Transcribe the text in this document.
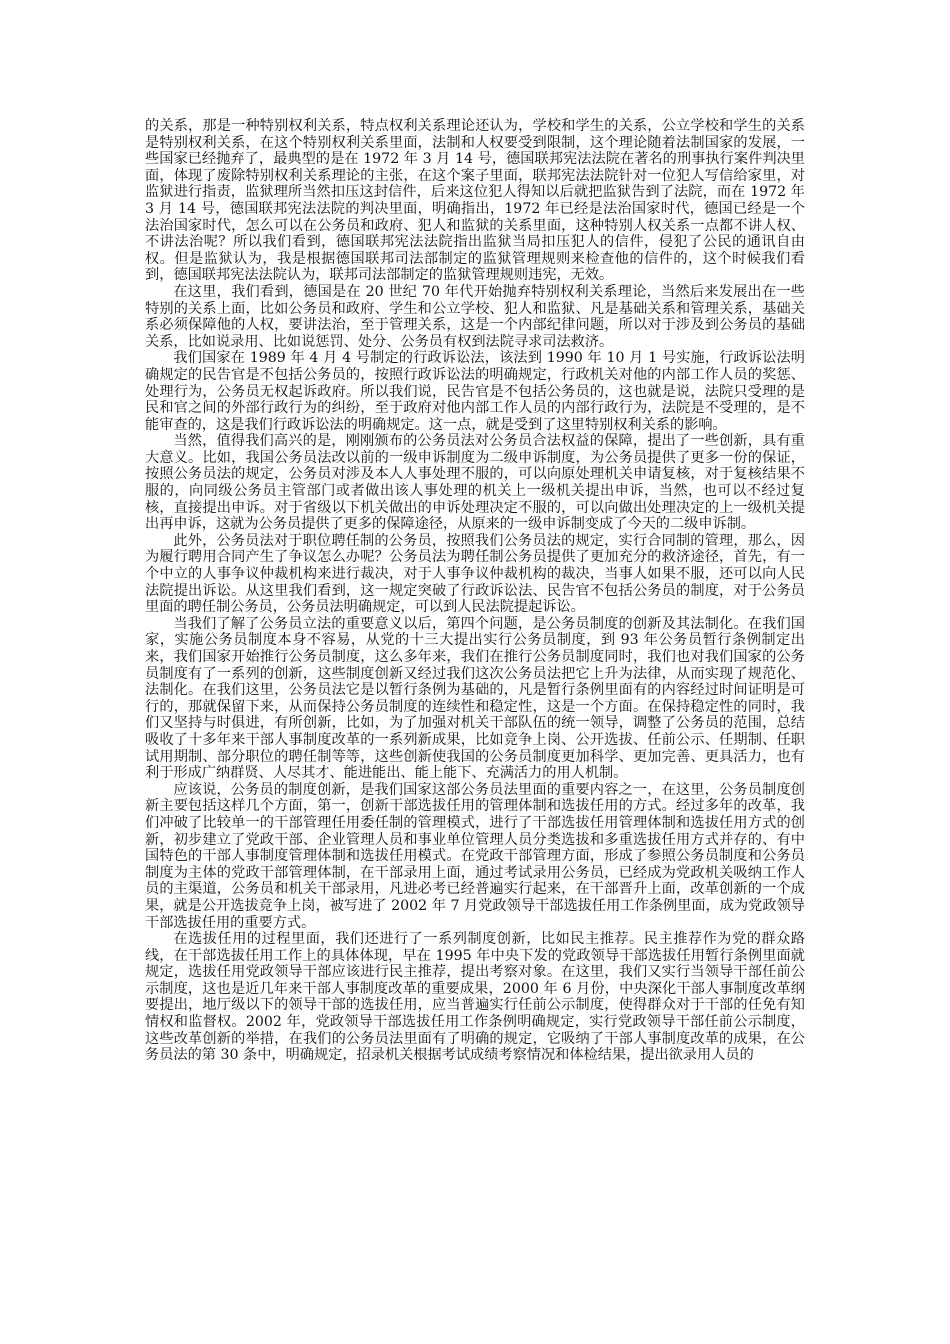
的关系，那是一种特别权利关系，特点权利关系理论还认为，学校和学生的关系，公立学校和学生的关系是特别权利关系，在这个特别权利关系里面，法制和人权要受到限制，这个理论随着法制国家的发展，一些国家已经抛弃了，最典型的是在 1972 年 3 月 14 号，德国联邦宪法法院在著名的刑事执行案件判决里面，体现了废除特别权利关系理论的主张，在这个案子里面，联邦宪法法院针对一位犯人写信给家里，对监狱进行指责，监狱理所当然扣压这封信件，后来这位犯人得知以后就把监狱告到了法院，而在 1972 年 3 月 14 号，德国联邦宪法法院的判决里面，明确指出，1972 年已经是法治国家时代，德国已经是一个法治国家时代，怎么可以在公务员和政府、犯人和监狱的关系里面，这种特别人权关系一点都不讲人权、不讲法治呢？所以我们看到，德国联邦宪法法院指出监狱当局扣压犯人的信件，侵犯了公民的通讯自由权。但是监狱认为，我是根据德国联邦司法部制定的监狱管理规则来检查他的信件的，这个时候我们看到，德国联邦宪法法院认为，联邦司法部制定的监狱管理规则违宪，无效。

在这里，我们看到，德国是在 20 世纪 70 年代开始抛弃特别权利关系理论，当然后来发展出在一些特别的关系上面，比如公务员和政府、学生和公立学校、犯人和监狱、凡是基础关系和管理关系，基础关系必须保障他的人权，要讲法治，至于管理关系，这是一个内部纪律问题，所以对于涉及到公务员的基础关系，比如说录用、比如说惩罚、处分、公务员有权到法院寻求司法救济。

我们国家在 1989 年 4 月 4 号制定的行政诉讼法，该法到 1990 年 10 月 1 号实施，行政诉讼法明确规定的民告官是不包括公务员的，按照行政诉讼法的明确规定，行政机关对他的内部工作人员的奖惩、处理行为，公务员无权起诉政府。所以我们说，民告官是不包括公务员的，这也就是说，法院只受理的是民和官之间的外部行政行为的纠纷，至于政府对他内部工作人员的内部行政行为，法院是不受理的，是不能审查的，这是我们行政诉讼法的明确规定。这一点，就是受到了这里特别权利关系的影响。

当然，值得我们高兴的是，刚刚颁布的公务员法对公务员合法权益的保障，提出了一些创新，具有重大意义。比如，我国公务员法改以前的一级申诉制度为二级申诉制度，为公务员提供了更多一份的保证，按照公务员法的规定，公务员对涉及本人人事处理不服的，可以向原处理机关申请复核，对于复核结果不服的，向同级公务员主管部门或者做出该人事处理的机关上一级机关提出申诉，当然，也可以不经过复核，直接提出申诉。对于省级以下机关做出的申诉处理决定不服的，可以向做出处理决定的上一级机关提出再申诉，这就为公务员提供了更多的保障途径，从原来的一级申诉制变成了今天的二级申诉制。

此外，公务员法对于职位聘任制的公务员，按照我们公务员法的规定，实行合同制的管理，那么，因为履行聘用合同产生了争议怎么办呢？公务员法为聘任制公务员提供了更加充分的救济途径，首先，有一个中立的人事争议仲裁机构来进行裁决，对于人事争议仲裁机构的裁决，当事人如果不服，还可以向人民法院提出诉讼。从这里我们看到，这一规定突破了行政诉讼法、民告官不包括公务员的制度，对于公务员里面的聘任制公务员，公务员法明确规定，可以到人民法院提起诉讼。

当我们了解了公务员立法的重要意义以后，第四个问题，是公务员制度的创新及其法制化。在我们国家，实施公务员制度本身不容易，从党的十三大提出实行公务员制度，到 93 年公务员暂行条例制定出来，我们国家开始推行公务员制度，这么多年来，我们在推行公务员制度同时，我们也对我们国家的公务员制度有了一系列的创新，这些制度创新又经过我们这次公务员法把它上升为法律，从而实现了规范化、法制化。在我们这里，公务员法它是以暂行条例为基础的，凡是暂行条例里面有的内容经过时间证明是可行的，那就保留下来，从而保持公务员制度的连续性和稳定性，这是一个方面。在保持稳定性的同时，我们又坚持与时俱进，有所创新，比如，为了加强对机关干部队伍的统一领导，调整了公务员的范围，总结吸收了十多年来干部人事制度改革的一系列新成果，比如竞争上岗、公开选拔、任前公示、任期制、任职试用期制、部分职位的聘任制等等，这些创新使我国的公务员制度更加科学、更加完善、更具活力，也有利于形成广纳群贤、人尽其才、能进能出、能上能下、充满活力的用人机制。

应该说，公务员的制度创新，是我们国家这部公务员法里面的重要内容之一，在这里，公务员制度创新主要包括这样几个方面，第一，创新干部选拔任用的管理体制和选拔任用的方式。经过多年的改革，我们冲破了比较单一的干部管理任用委任制的管理模式，进行了干部选拔任用管理体制和选拔任用方式的创新，初步建立了党政干部、企业管理人员和事业单位管理人员分类选拔和多重选拔任用方式并存的、有中国特色的干部人事制度管理体制和选拔任用模式。在党政干部管理方面，形成了参照公务员制度和公务员制度为主体的党政干部管理体制，在干部录用上面，通过考试录用公务员，已经成为党政机关吸纳工作人员的主渠道，公务员和机关干部录用，凡进必考已经普遍实行起来，在干部晋升上面，改革创新的一个成果，就是公开选拔竞争上岗，被写进了 2002 年 7 月党政领导干部选拔任用工作条例里面，成为党政领导干部选拔任用的重要方式。

在选拔任用的过程里面，我们还进行了一系列制度创新，比如民主推荐。民主推荐作为党的群众路线，在干部选拔任用工作上的具体体现，早在 1995 年中央下发的党政领导干部选拔任用暂行条例里面就规定，选拔任用党政领导干部应该进行民主推荐，提出考察对象。在这里，我们又实行当领导干部任前公示制度，这也是近几年来干部人事制度改革的重要成果，2000 年 6 月份，中央深化干部人事制度改革纲要提出，地厅级以下的领导干部的选拔任用，应当普遍实行任前公示制度，使得群众对于干部的任免有知情权和监督权。2002 年，党政领导干部选拔任用工作条例明确规定，实行党政领导干部任前公示制度，这些改革创新的举措，在我们的公务员法里面有了明确的规定，它吸纳了干部人事制度改革的成果，在公务员法的第 30 条中，明确规定，招录机关根据考试成绩考察情况和体检结果，提出欲录用人员的
